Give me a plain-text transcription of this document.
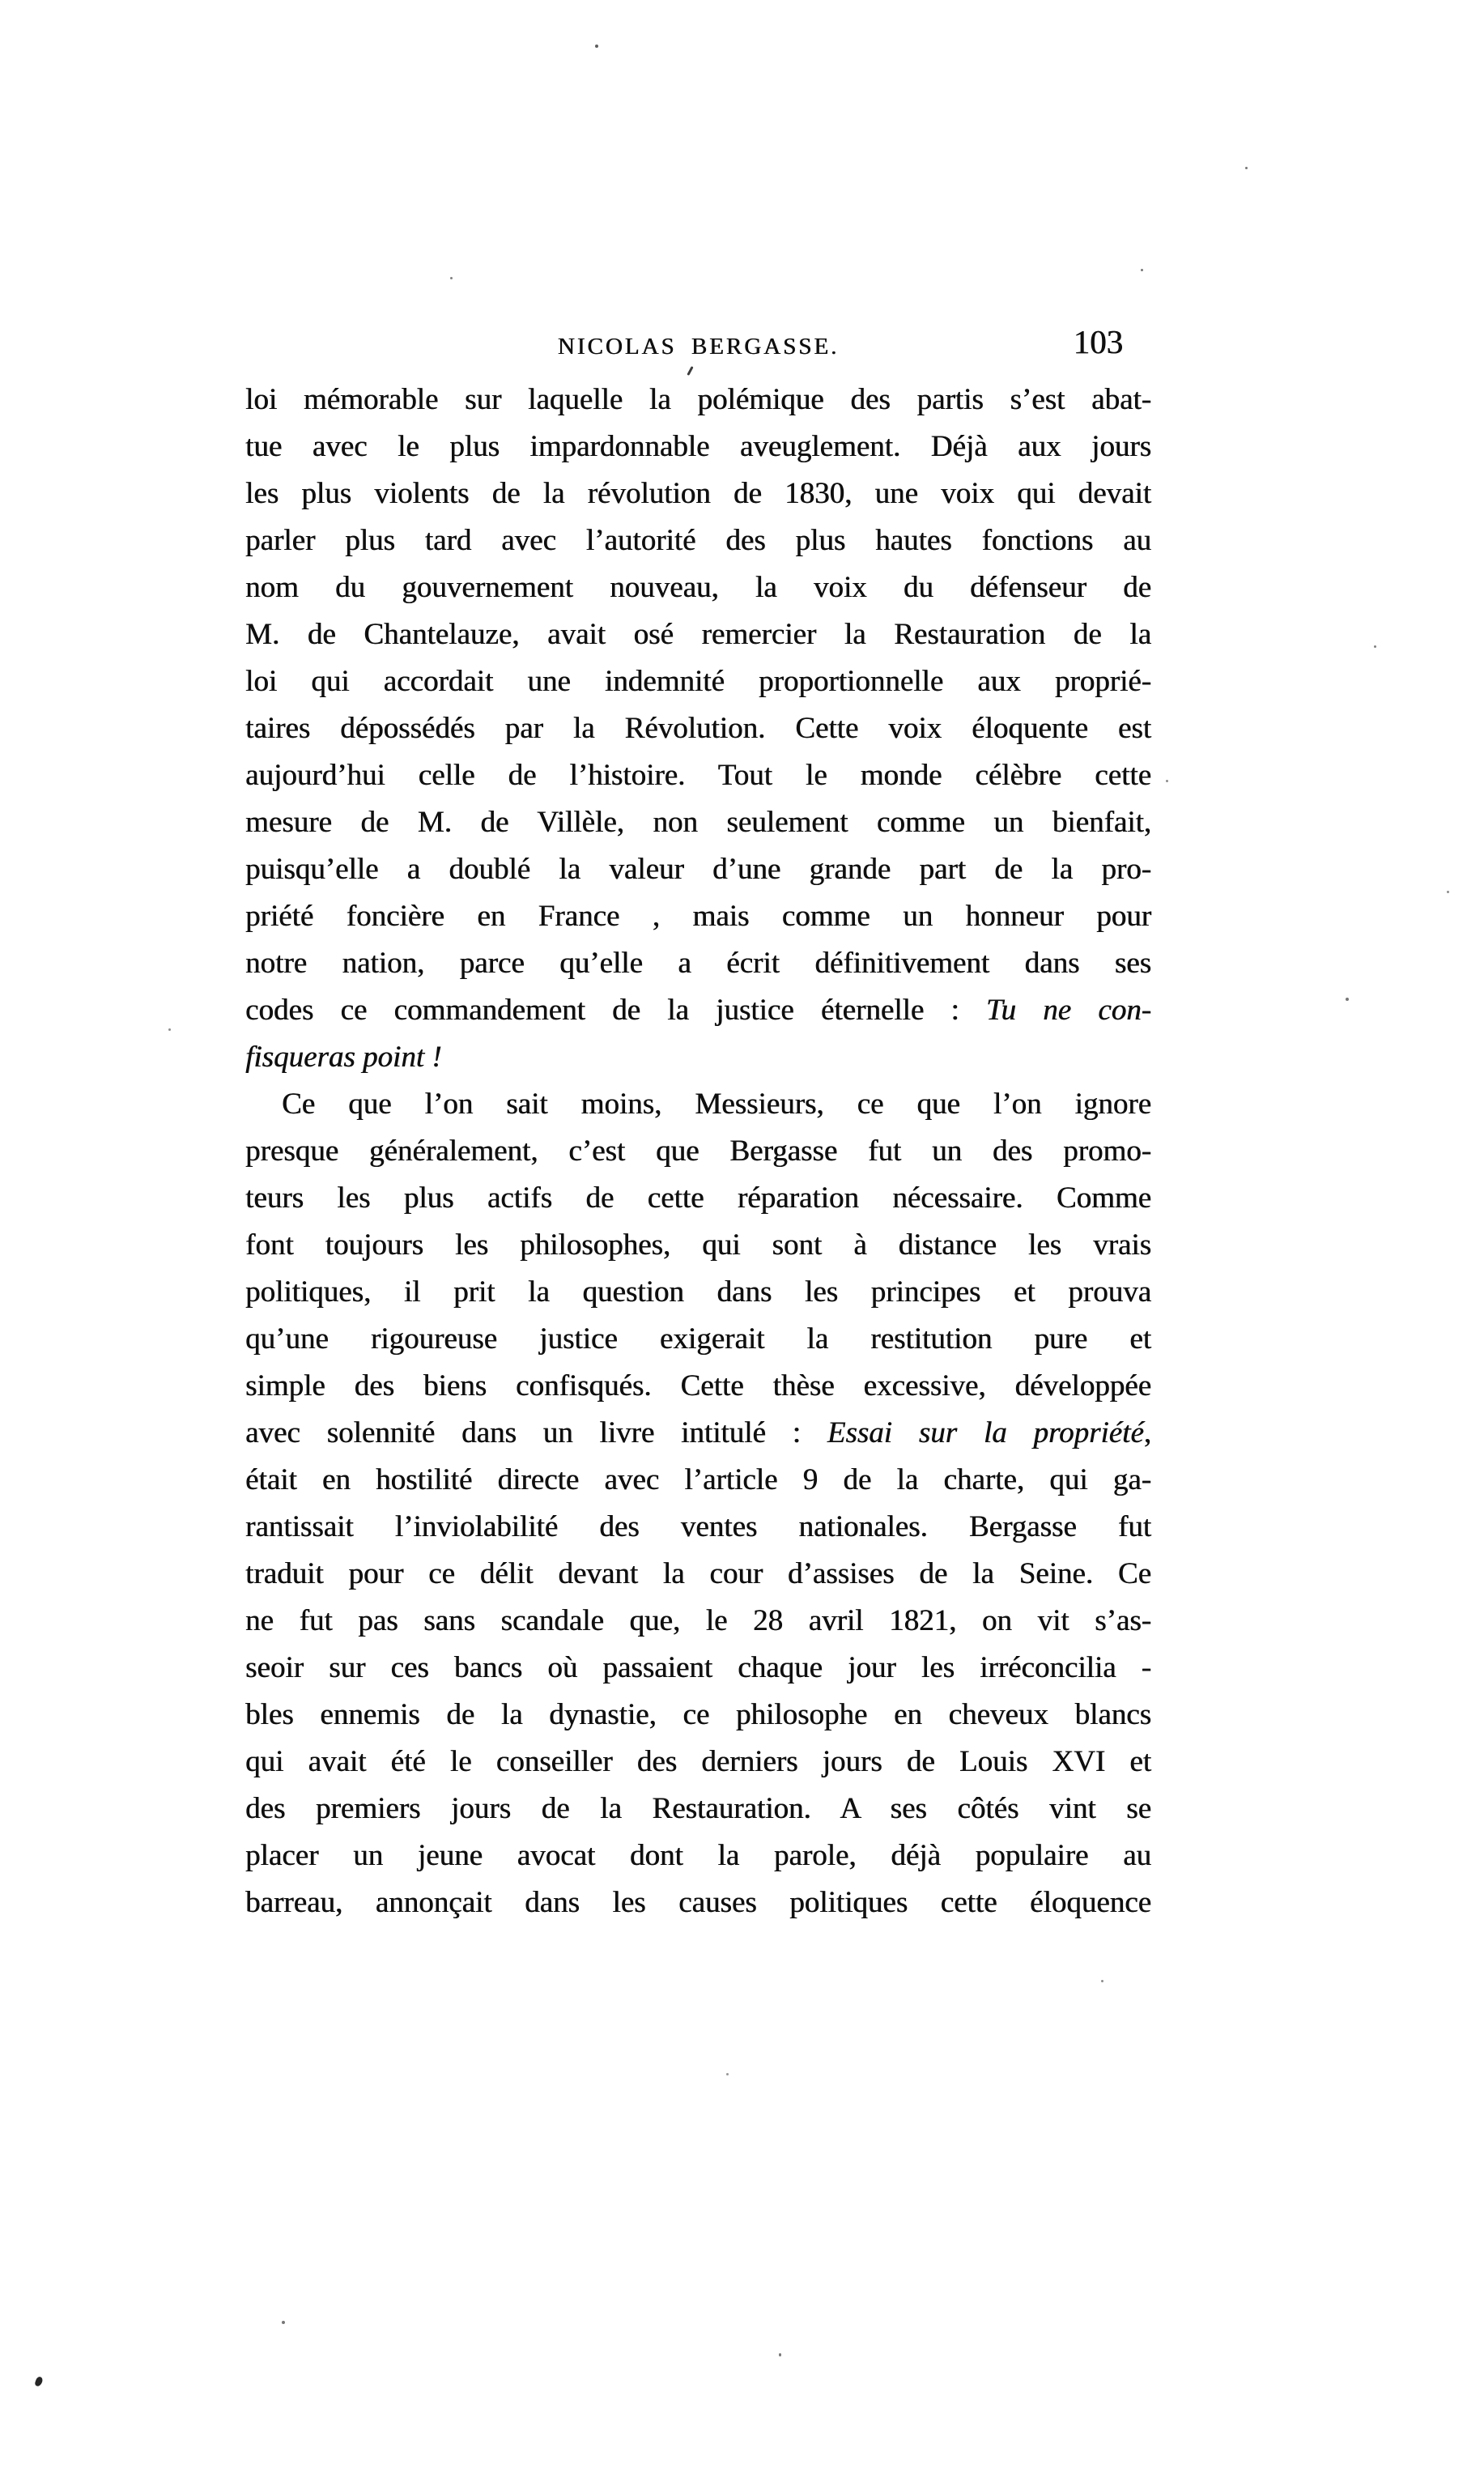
NICOLAS BERGASSE.	103
loi mémorable sur laquelle la polémique des partis s’est abat-
tue avec le plus impardonnable aveuglement. Déjà aux jours
les plus violents de la révolution de 1830, une voix qui devait
parler plus tard avec l’autorité des plus hautes fonctions au
nom du gouvernement nouveau, la voix du défenseur de
M. de Chantelauze, avait osé remercier la Restauration de la
loi qui accordait une indemnité proportionnelle aux proprié-
taires dépossédés par la Révolution. Cette voix éloquente est
aujourd’hui celle de l’histoire. Tout le monde célèbre cette
mesure de M. de Villèle, non seulement comme un bienfait,
puisqu’elle a doublé la valeur d’une grande part de la pro-
priété foncière en France , mais comme un honneur pour
notre nation, parce qu’elle a écrit définitivement dans ses
codes ce commandement de la justice éternelle : Tu ne con-
fisqueras point !
Ce que l’on sait moins, Messieurs, ce que l’on ignore
presque généralement, c’est que Bergasse fut un des promo-
teurs les plus actifs de cette réparation nécessaire. Comme
font toujours les philosophes, qui sont à distance les vrais
politiques, il prit la question dans les principes et prouva
qu’une rigoureuse justice exigerait la restitution pure et
simple des biens confisqués. Cette thèse excessive, développée
avec solennité dans un livre intitulé : Essai sur la propriété,
était en hostilité directe avec l’article 9 de la charte, qui ga-
rantissait l’inviolabilité des ventes nationales. Bergasse fut
traduit pour ce délit devant la cour d’assises de la Seine. Ce
ne fut pas sans scandale que, le 28 avril 1821, on vit s’as-
seoir sur ces bancs où passaient chaque jour les irréconcilia -
bles ennemis de la dynastie, ce philosophe en cheveux blancs
qui avait été le conseiller des derniers jours de Louis XVI et
des premiers jours de la Restauration. A ses côtés vint se
placer un jeune avocat dont la parole, déjà populaire au
barreau, annonçait dans les causes politiques cette éloquence
